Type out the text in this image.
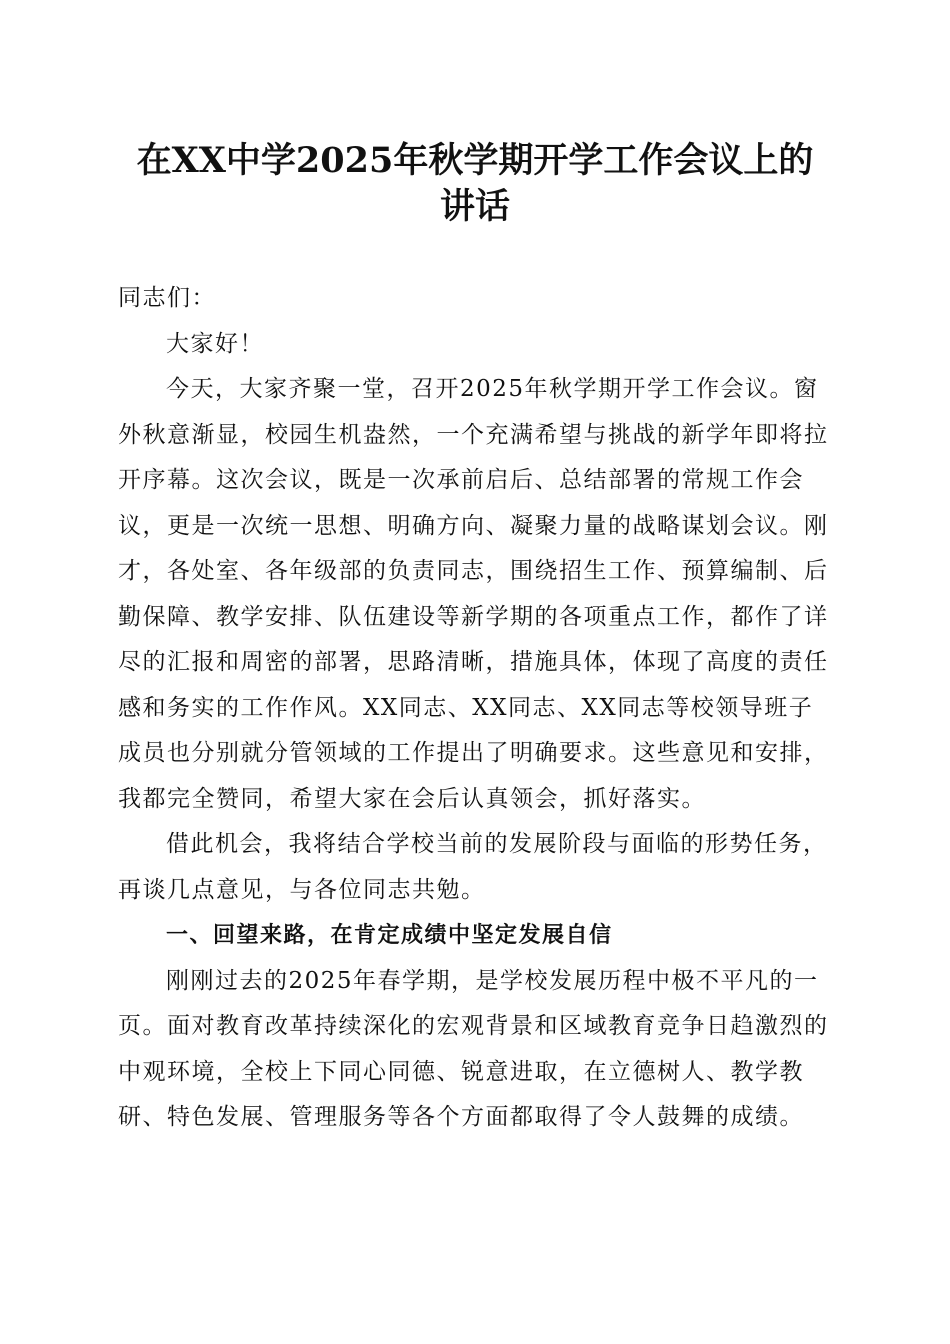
在XX中学2025年秋学期开学工作会议上的
讲话

同志们：

大家好！

今天，大家齐聚一堂，召开2025年秋学期开学工作会议。窗外秋意渐显，校园生机盎然，一个充满希望与挑战的新学年即将拉开序幕。这次会议，既是一次承前启后、总结部署的常规工作会议，更是一次统一思想、明确方向、凝聚力量的战略谋划会议。刚才，各处室、各年级部的负责同志，围绕招生工作、预算编制、后勤保障、教学安排、队伍建设等新学期的各项重点工作，都作了详尽的汇报和周密的部署，思路清晰，措施具体，体现了高度的责任感和务实的工作作风。XX同志、XX同志、XX同志等校领导班子成员也分别就分管领域的工作提出了明确要求。这些意见和安排，我都完全赞同，希望大家在会后认真领会，抓好落实。

借此机会，我将结合学校当前的发展阶段与面临的形势任务，再谈几点意见，与各位同志共勉。

一、回望来路，在肯定成绩中坚定发展自信

刚刚过去的2025年春学期，是学校发展历程中极不平凡的一页。面对教育改革持续深化的宏观背景和区域教育竞争日趋激烈的中观环境，全校上下同心同德、锐意进取，在立德树人、教学教研、特色发展、管理服务等各个方面都取得了令人鼓舞的成绩。
